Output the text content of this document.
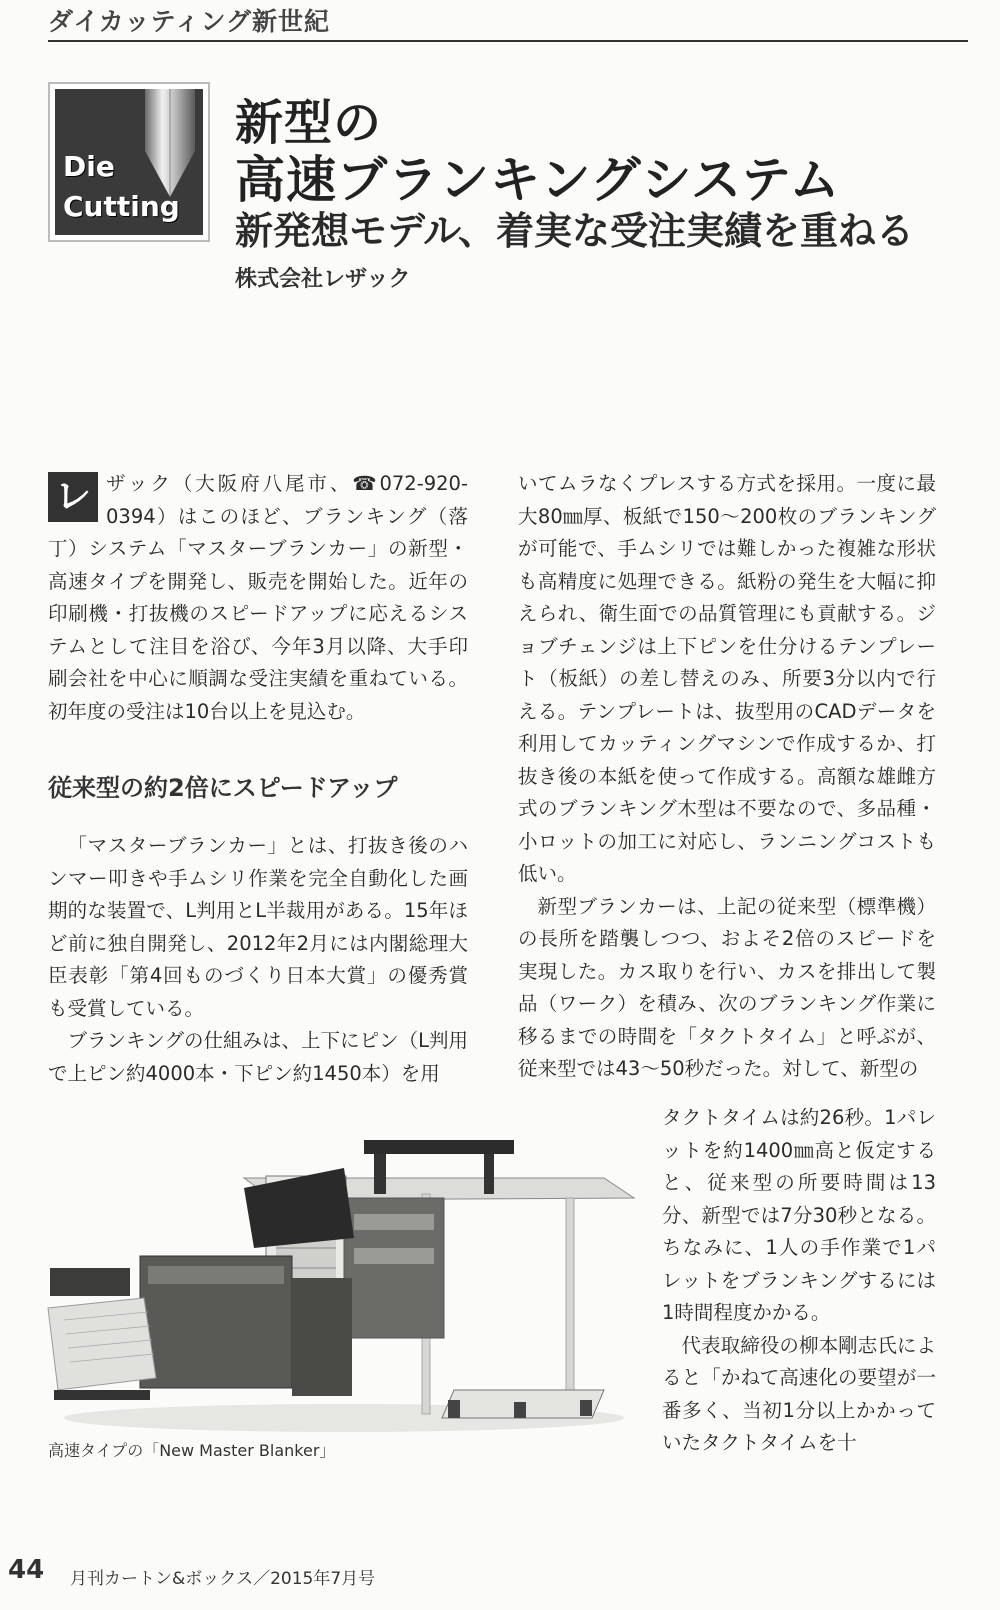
ダイカッティング新世紀
Die
Cutting
新型の
高速ブランキングシステム
新発想モデル、着実な受注実績を重ねる
株式会社レザック
レ ザック（大阪府八尾市、☎072-920-0394）はこのほど、ブランキング（落丁）システム「マスターブランカー」の新型・高速タイプを開発し、販売を開始した。近年の印刷機・打抜機のスピードアップに応えるシステムとして注目を浴び、今年3月以降、大手印刷会社を中心に順調な受注実績を重ねている。初年度の受注は10台以上を見込む。

従来型の約2倍にスピードアップ

「マスターブランカー」とは、打抜き後のハンマー叩きや手ムシリ作業を完全自動化した画期的な装置で、L判用とL半裁用がある。15年ほど前に独自開発し、2012年2月には内閣総理大臣表彰「第4回ものづくり日本大賞」の優秀賞も受賞している。

ブランキングの仕組みは、上下にピン（L判用で上ピン約4000本・下ピン約1450本）を用

いてムラなくプレスする方式を採用。一度に最大80㎜厚、板紙で150～200枚のブランキングが可能で、手ムシリでは難しかった複雑な形状も高精度に処理できる。紙粉の発生を大幅に抑えられ、衛生面での品質管理にも貢献する。ジョブチェンジは上下ピンを仕分けるテンプレート（板紙）の差し替えのみ、所要3分以内で行える。テンプレートは、抜型用のCADデータを利用してカッティングマシンで作成するか、打抜き後の本紙を使って作成する。高額な雄雌方式のブランキング木型は不要なので、多品種・小ロットの加工に対応し、ランニングコストも低い。

新型ブランカーは、上記の従来型（標準機）の長所を踏襲しつつ、およそ2倍のスピードを実現した。カス取りを行い、カスを排出して製品（ワーク）を積み、次のブランキング作業に移るまでの時間を「タクトタイム」と呼ぶが、従来型では43～50秒だった。対して、新型の

タクトタイムは約26秒。1パレットを約1400㎜高と仮定すると、従来型の所要時間は13分、新型では7分30秒となる。ちなみに、1人の手作業で1パレットをブランキングするには1時間程度かかる。

代表取締役の柳本剛志氏によると「かねて高速化の要望が一番多く、当初1分以上かかっていたタクトタイムを十

高速タイプの「New Master Blanker」
44 月刊カートン&ボックス／2015年7月号
